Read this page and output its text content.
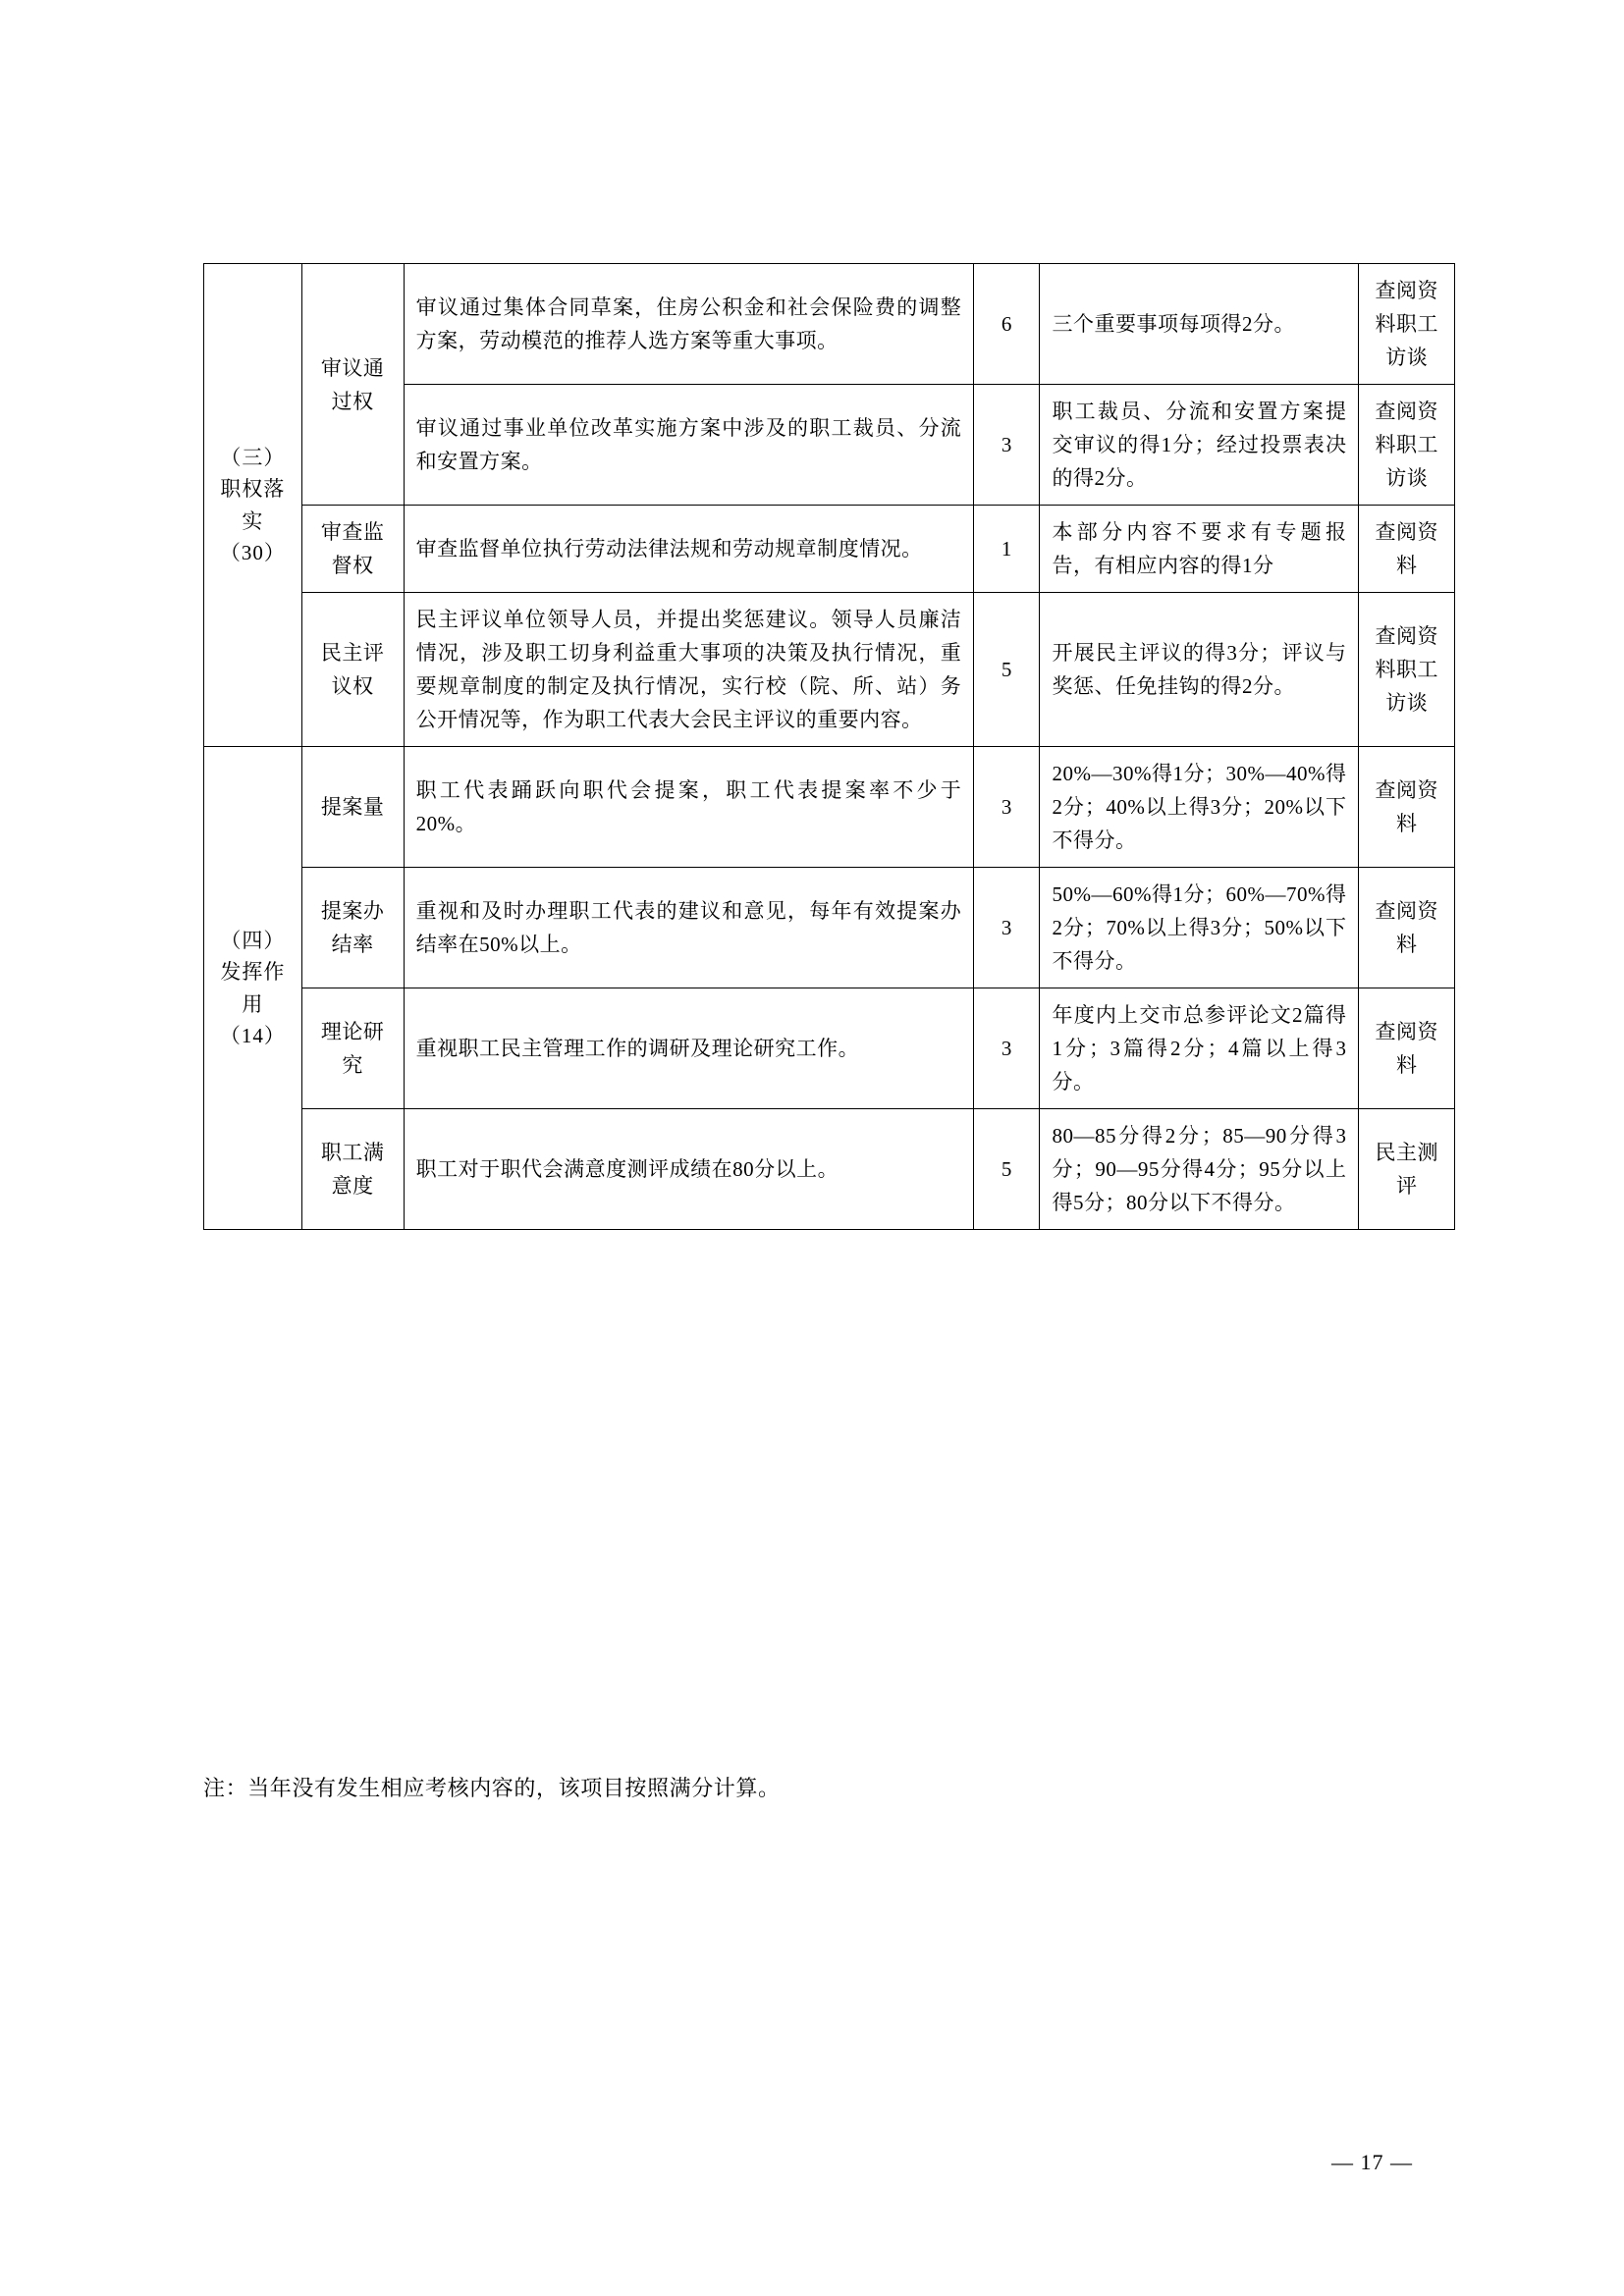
（三）职权落实（30）	审议通过权	审议通过集体合同草案，住房公积金和社会保险费的调整方案，劳动模范的推荐人选方案等重大事项。	6	三个重要事项每项得2分。	查阅资料职工访谈
		审议通过事业单位改革实施方案中涉及的职工裁员、分流和安置方案。	3	职工裁员、分流和安置方案提交审议的得1分；经过投票表决的得2分。	查阅资料职工访谈
	审查监督权	审查监督单位执行劳动法律法规和劳动规章制度情况。	1	本部分内容不要求有专题报告，有相应内容的得1分	查阅资料
	民主评议权	民主评议单位领导人员，并提出奖惩建议。领导人员廉洁情况，涉及职工切身利益重大事项的决策及执行情况，重要规章制度的制定及执行情况，实行校（院、所、站）务公开情况等，作为职工代表大会民主评议的重要内容。	5	开展民主评议的得3分；评议与奖惩、任免挂钩的得2分。	查阅资料职工访谈

（四）发挥作用（14）	提案量	职工代表踊跃向职代会提案，职工代表提案率不少于20%。	3	20%—30%得1分；30%—40%得2分；40%以上得3分；20%以下不得分。	查阅资料
	提案办结率	重视和及时办理职工代表的建议和意见，每年有效提案办结率在50%以上。	3	50%—60%得1分；60%—70%得2分；70%以上得3分；50%以下不得分。	查阅资料
	理论研究	重视职工民主管理工作的调研及理论研究工作。	3	年度内上交市总参评论文2篇得1分；3篇得2分；4篇以上得3分。	查阅资料
	职工满意度	职工对于职代会满意度测评成绩在80分以上。	5	80—85分得2分；85—90分得3分；90—95分得4分；95分以上得5分；80分以下不得分。	民主测评
注：当年没有发生相应考核内容的，该项目按照满分计算。
— 17 —
